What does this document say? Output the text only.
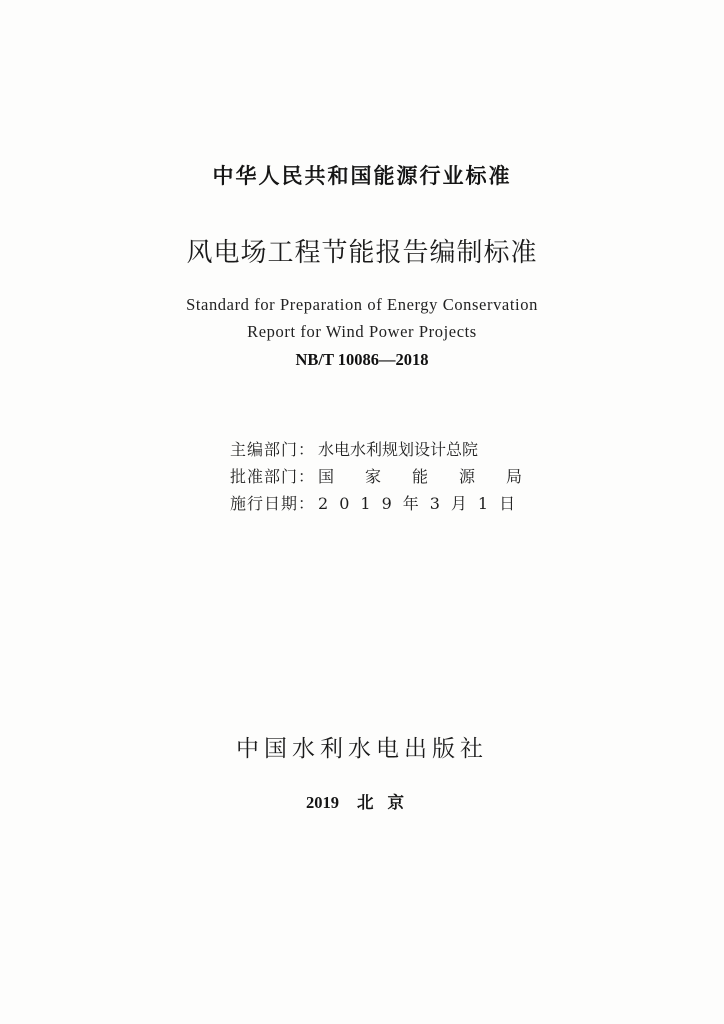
中华人民共和国能源行业标准
风电场工程节能报告编制标准
Standard for Preparation of Energy Conservation
Report for Wind Power Projects
NB/T 10086—2018
主编部门： 水电水利规划设计总院
批准部门： 国家能源局
施行日期： 2019年3月1日
中国水利水电出版社
2019 北京
